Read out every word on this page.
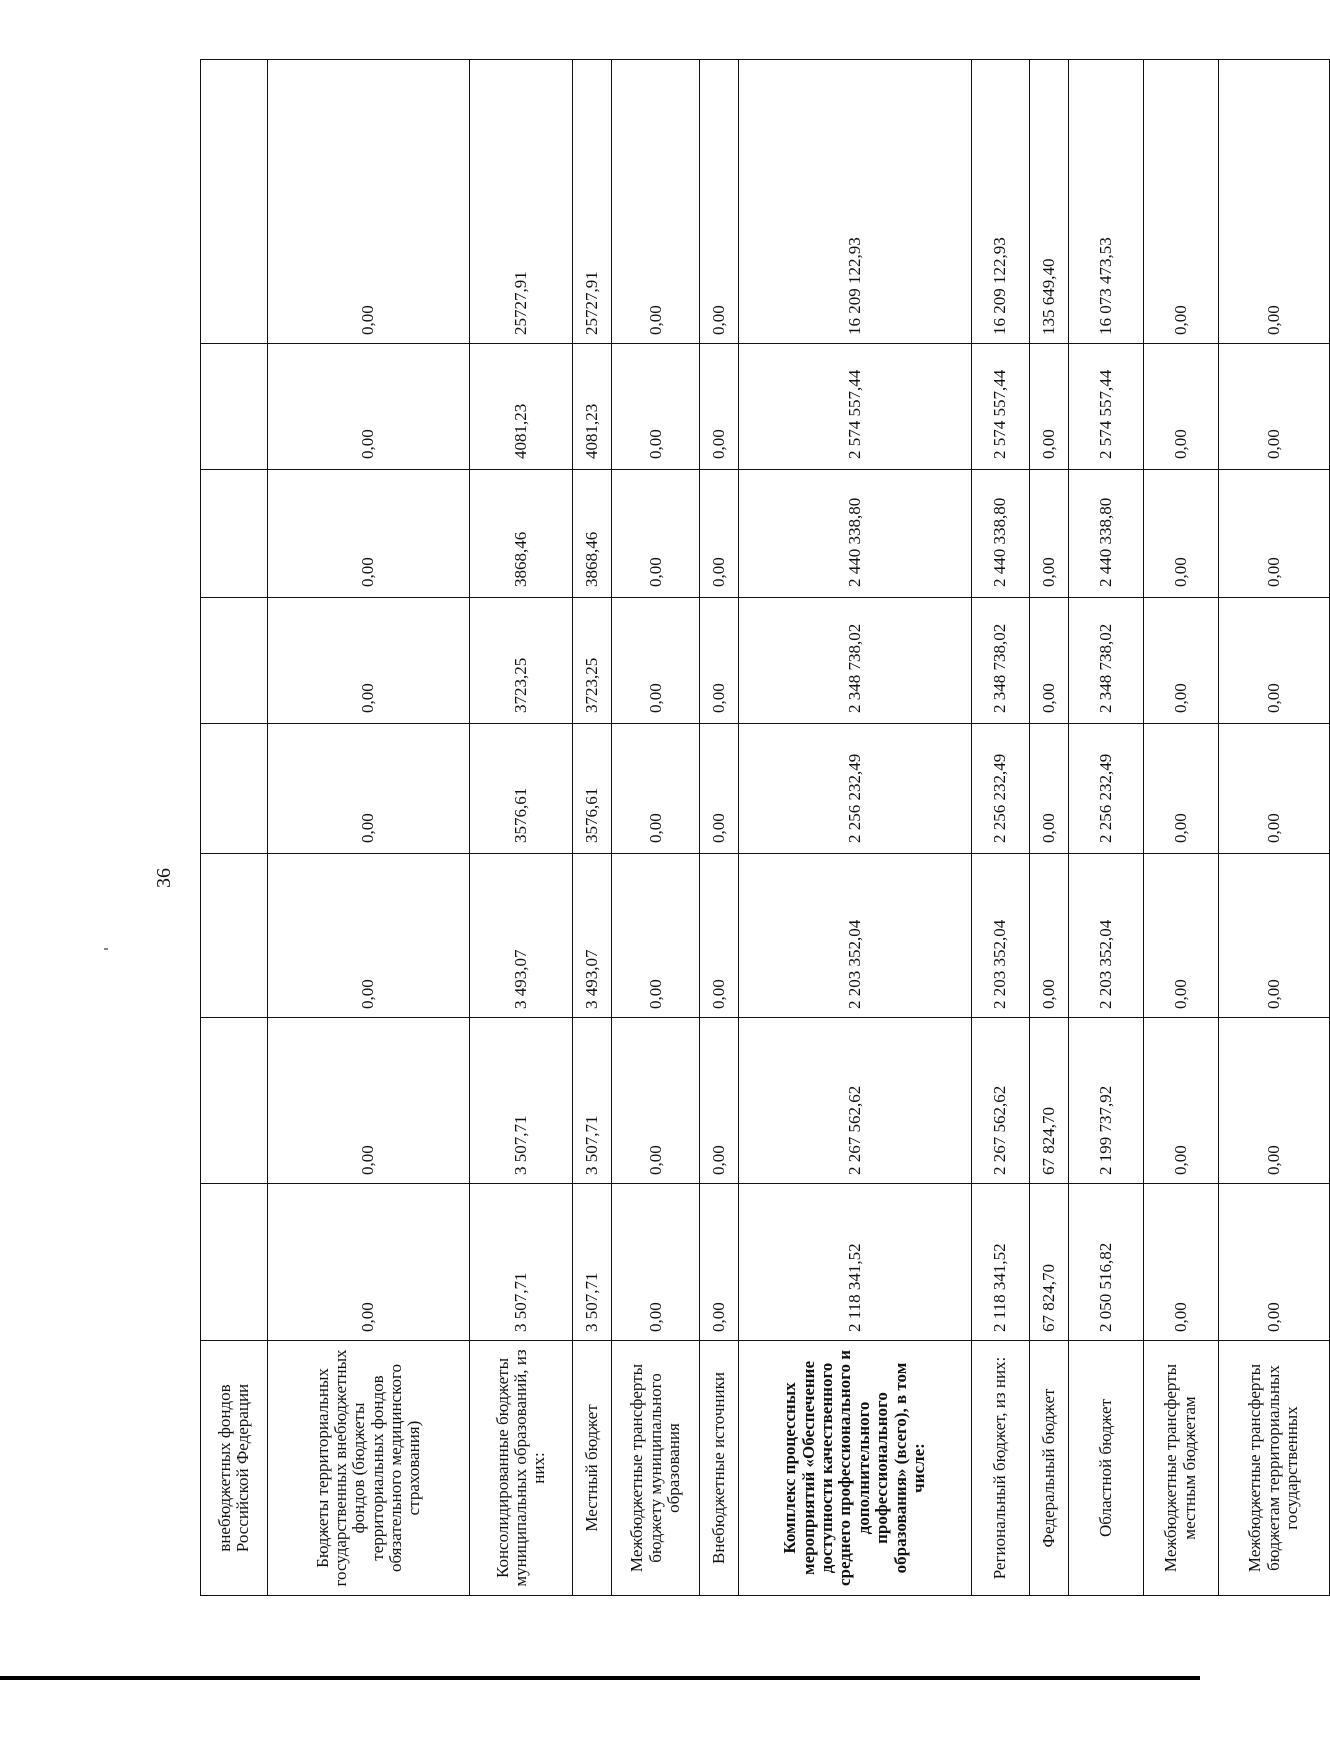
36
внебюджетных фондов Российской Федерации								
Бюджеты территориальных государственных внебюджетных фондов (бюджеты территориальных фондов обязательного медицинского страхования)	0,00	0,00	0,00	0,00	0,00	0,00	0,00	0,00
Консолидированные бюджеты муниципальных образований, из них:	3 507,71	3 507,71	3 493,07	3576,61	3723,25	3868,46	4081,23	25727,91
Местный бюджет	3 507,71	3 507,71	3 493,07	3576,61	3723,25	3868,46	4081,23	25727,91
Межбюджетные трансферты бюджету муниципального образования	0,00	0,00	0,00	0,00	0,00	0,00	0,00	0,00
Внебюджетные источники	0,00	0,00	0,00	0,00	0,00	0,00	0,00	0,00
Комплекс процессных мероприятий «Обеспечение доступности качественного среднего профессионального и дополнительного профессионального образования» (всего), в том числе:	2 118 341,52	2 267 562,62	2 203 352,04	2 256 232,49	2 348 738,02	2 440 338,80	2 574 557,44	16 209 122,93
Региональный бюджет, из них:	2 118 341,52	2 267 562,62	2 203 352,04	2 256 232,49	2 348 738,02	2 440 338,80	2 574 557,44	16 209 122,93
Федеральный бюджет	67 824,70	67 824,70	0,00	0,00	0,00	0,00	0,00	135 649,40
Областной бюджет	2 050 516,82	2 199 737,92	2 203 352,04	2 256 232,49	2 348 738,02	2 440 338,80	2 574 557,44	16 073 473,53
Межбюджетные трансферты местным бюджетам	0,00	0,00	0,00	0,00	0,00	0,00	0,00	0,00
Межбюджетные трансферты бюджетам территориальных государственных	0,00	0,00	0,00	0,00	0,00	0,00	0,00	0,00
